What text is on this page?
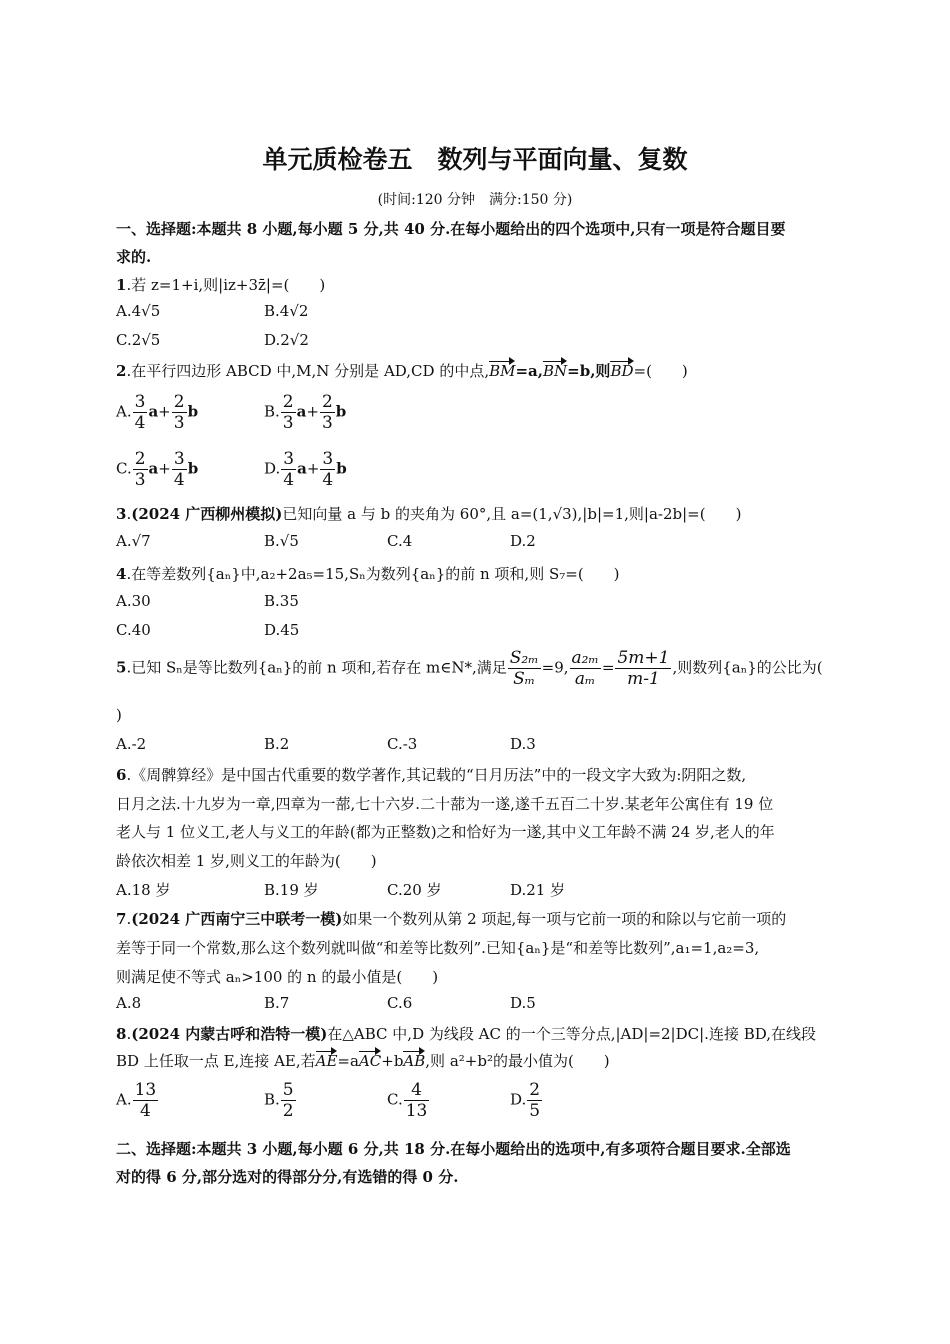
单元质检卷五　数列与平面向量、复数
(时间:120 分钟　满分:150 分)
一、选择题:本题共 8 小题,每小题 5 分,共 40 分.在每小题给出的四个选项中,只有一项是符合题目要
求的.
1.若 z=1+i,则|iz+3z̄|=(　　)
A.4√5	B.4√2
C.2√5	D.2√2
2.在平行四边形 ABCD 中,M,N 分别是 AD,CD 的中点,BM=a,BN=b,则BD=(　　)
A. $\frac{3}{4} a+ \frac{2}{3}$ b	B. $\frac{2}{3} a+ \frac{2}{3}$ b
C. $\frac{2}{3} a+ \frac{3}{4}$ b	D. $\frac{3}{4} a+ \frac{3}{4}$ b
3.(2024 广西柳州模拟)已知向量 a 与 b 的夹角为 60°,且 a=(1,√3),|b|=1,则|a-2b|=(　　)
A.√7	B.√5	C.4	D.2
4.在等差数列{aₙ}中,a₂+2a₅=15,Sₙ为数列{aₙ}的前 n 项和,则 S₇=(　　)
A.30	B.35
C.40	D.45
5.已知 Sₙ是等比数列{aₙ}的前 n 项和,若存在 m∈N*,满足 $\frac{\text{S₂ₘ}}{\text{Sₘ}} =9$, $\frac{\text{a₂ₘ}}{\text{aₘ}} = \frac{5m+1}{m-1}$ ,则数列{aₙ}的公比为(
)
A.-2	B.2	C.-3	D.3
6.《周髀算经》是中国古代重要的数学著作,其记载的“日月历法”中的一段文字大致为:阴阳之数,
日月之法.十九岁为一章,四章为一蔀,七十六岁.二十蔀为一遂,遂千五百二十岁.某老年公寓住有 19 位
老人与 1 位义工,老人与义工的年龄(都为正整数)之和恰好为一遂,其中义工年龄不满 24 岁,老人的年
龄依次相差 1 岁,则义工的年龄为(　　)
A.18 岁	B.19 岁	C.20 岁	D.21 岁
7.(2024 广西南宁三中联考一模)如果一个数列从第 2 项起,每一项与它前一项的和除以与它前一项的
差等于同一个常数,那么这个数列就叫做“和差等比数列”.已知{aₙ}是“和差等比数列”,a₁=1,a₂=3,
则满足使不等式 aₙ>100 的 n 的最小值是(　　)
A.8	B.7	C.6	D.5
8.(2024 内蒙古呼和浩特一模)在△ABC 中,D 为线段 AC 的一个三等分点,|AD|=2|DC|.连接 BD,在线段
BD 上任取一点 E,连接 AE,若AE=aAC+bAB,则 a²+b²的最小值为(　　)
A. $\frac{13}{4}$	B. $\frac{5}{2}$	C. $\frac{4}{13}$	D. $\frac{2}{5}$
二、选择题:本题共 3 小题,每小题 6 分,共 18 分.在每小题给出的选项中,有多项符合题目要求.全部选
对的得 6 分,部分选对的得部分分,有选错的得 0 分.
